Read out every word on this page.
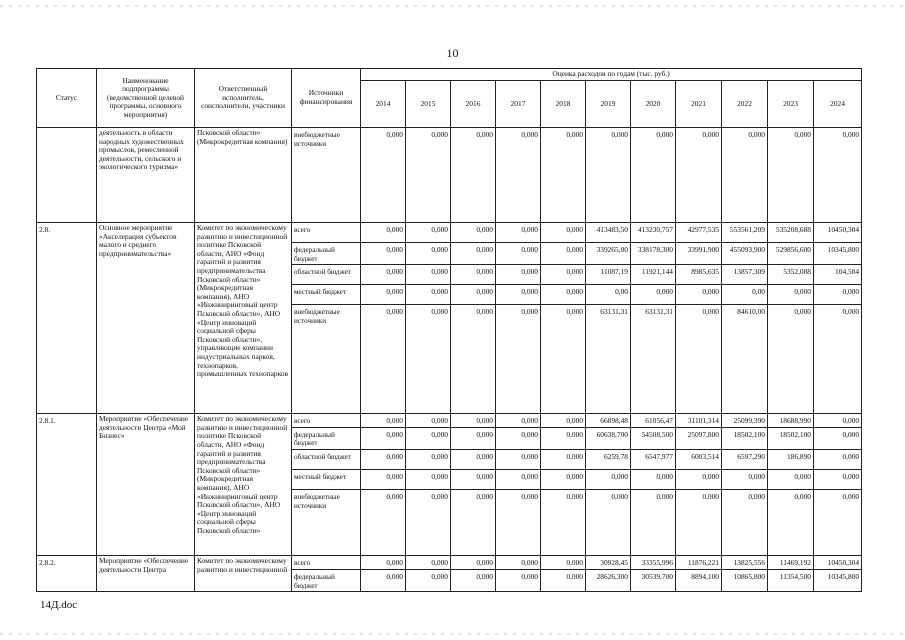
10
Статус	Наименование подпрограммы (ведомственной целевой программы, основного мероприятия)	Ответственный исполнитель, соисполнители, участники	Источники финансирования	Оценка расходов по годам (тыс. руб.)										
				2014	2015	2016	2017	2018	2019	2020	2021	2022	2023	2024
	деятельность в области народных художественных промыслов, ремесленной деятельности, сельского и экологического туризма»	Псковской области» (Микрокредитная компания)	внебюджетные источники	0,000	0,000	0,000	0,000	0,000	0,000	0,000	0,000	0,000	0,000	0,000
2.8.	Основное мероприятие «Акселерация субъектов малого и среднего предпринимательства»	Комитет по экономическому развитию и инвестиционной политике Псковской области, АНО «Фонд гарантий и развития предпринимательства Псковской области» (Микрокредитная компания), АНО «Инжиниринговый центр Псковской области», АНО «Центр инноваций социальной сферы Псковской области», управляющие компании индустриальных парков, технопарков, промышленных технопарков	всего	0,000	0,000	0,000	0,000	0,000	413483,50	413230,757	42977,535	553561,209	535208,688	10450,304
			федеральный бюджет	0,000	0,000	0,000	0,000	0,000	339265,00	338178,300	33991,900	455093,900	529856,600	10345,800
			областной бюджет	0,000	0,000	0,000	0,000	0,000	11087,19	11921,144	8985,635	13857,309	5352,088	104,504
			местный бюджет	0,000	0,000	0,000	0,000	0,000	0,00	0,000	0,000	0,00	0,000	0,000
			внебюджетные источники	0,000	0,000	0,000	0,000	0,000	63131,31	63131,31	0,000	84610,00	0,000	0,000
2.8.1.	Мероприятие «Обеспечение деятельности Центра «Мой Бизнес»	Комитет по экономическому развитию и инвестиционной политике Псковской области, АНО «Фонд гарантий и развития предпринимательства Псковской области» (Микрокредитная компания), АНО «Инжиниринговый центр Псковской области», АНО «Центр инноваций социальной сферы Псковской области»	всего	0,000	0,000	0,000	0,000	0,000	66898,48	61056,47	31101,314	25099,390	18688,990	0,000
			федеральный бюджет	0,000	0,000	0,000	0,000	0,000	60638,700	54508,500	25097,800	18502,100	18502,100	0,000
			областной бюджет	0,000	0,000	0,000	0,000	0,000	6259,78	6547,977	6003,514	6597,290	186,890	0,000
			местный бюджет	0,000	0,000	0,000	0,000	0,000	0,000	0,000	0,000	0,000	0,000	0,000
			внебюджетные источники	0,000	0,000	0,000	0,000	0,000	0,000	0,000	0,000	0,000	0,000	0,000
2.8.2.	Мероприятие «Обеспечение деятельности Центра	Комитет по экономическому развитию и инвестиционной	всего	0,000	0,000	0,000	0,000	0,000	30928,45	33355,996	11876,221	13825,556	11469,192	10450,304
			федеральный бюджет	0,000	0,000	0,000	0,000	0,000	28626,300	30539,700	8894,100	10865,800	11354,500	10345,800
14Д.doc
